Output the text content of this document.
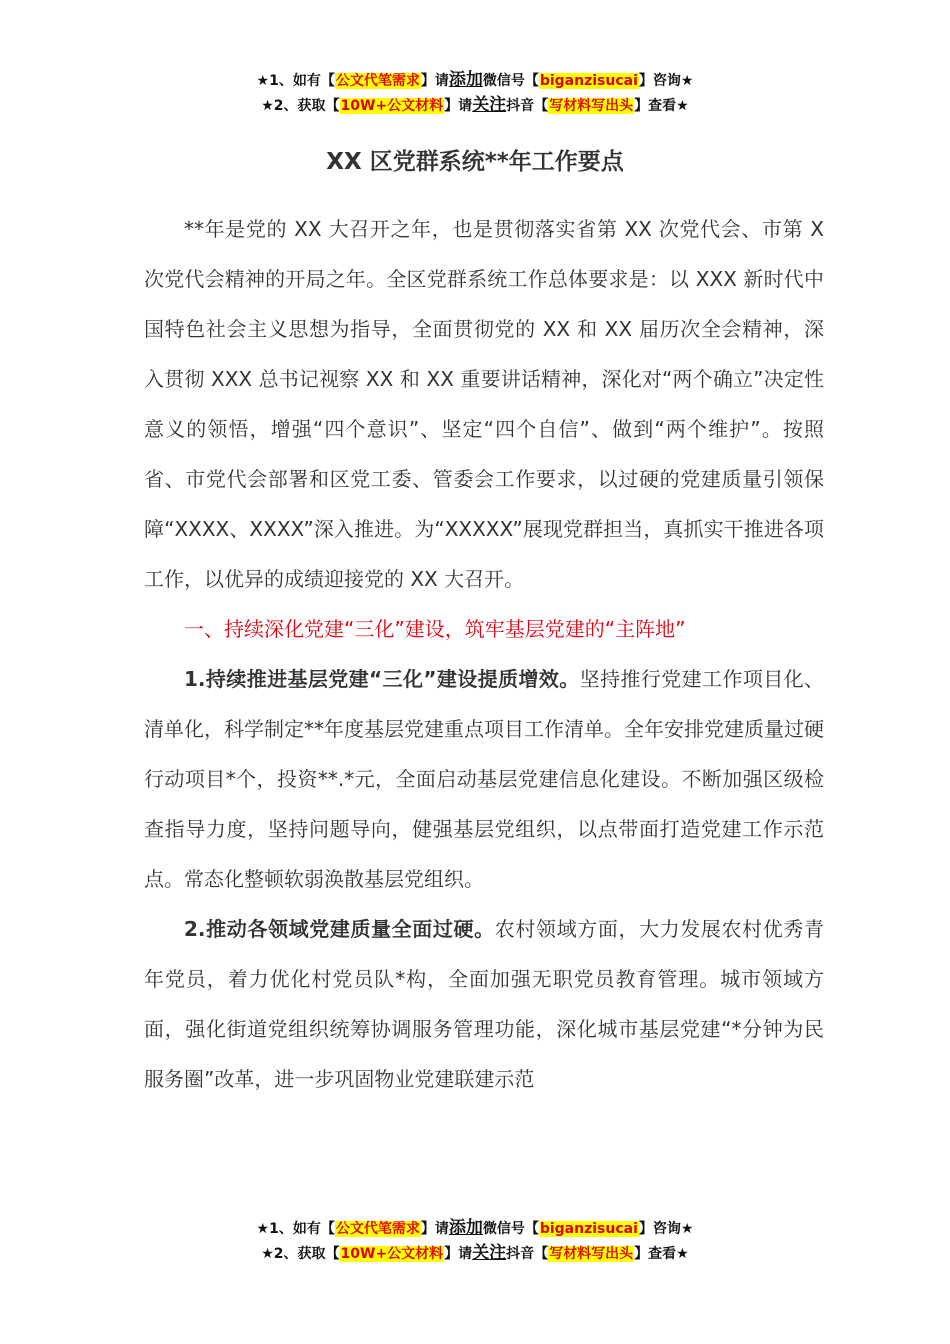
★1、如有【公文代笔需求】请添加微信号【biganzisucai】咨询★
★2、获取【10W+公文材料】请关注抖音【写材料写出头】查看★
XX 区党群系统**年工作要点

**年是党的 XX 大召开之年，也是贯彻落实省第 XX 次党代会、市第 X 次党代会精神的开局之年。全区党群系统工作总体要求是：以 XXX 新时代中国特色社会主义思想为指导，全面贯彻党的 XX 和 XX 届历次全会精神，深入贯彻 XXX 总书记视察 XX 和 XX 重要讲话精神，深化对“两个确立”决定性意义的领悟，增强“四个意识”、坚定“四个自信”、做到“两个维护”。按照省、市党代会部署和区党工委、管委会工作要求，以过硬的党建质量引领保障“XXXX、XXXX”深入推进。为“XXXXX”展现党群担当，真抓实干推进各项工作，以优异的成绩迎接党的 XX 大召开。

一、持续深化党建“三化”建设，筑牢基层党建的“主阵地”

1.持续推进基层党建“三化”建设提质增效。坚持推行党建工作项目化、清单化，科学制定**年度基层党建重点项目工作清单。全年安排党建质量过硬行动项目*个，投资**.*元，全面启动基层党建信息化建设。不断加强区级检查指导力度，坚持问题导向，健强基层党组织，以点带面打造党建工作示范点。常态化整顿软弱涣散基层党组织。

2.推动各领域党建质量全面过硬。农村领域方面，大力发展农村优秀青年党员，着力优化村党员队*构，全面加强无职党员教育管理。城市领域方面，强化街道党组织统筹协调服务管理功能，深化城市基层党建“*分钟为民服务圈”改革，进一步巩固物业党建联建示范

★1、如有【公文代笔需求】请添加微信号【biganzisucai】咨询★
★2、获取【10W+公文材料】请关注抖音【写材料写出头】查看★
